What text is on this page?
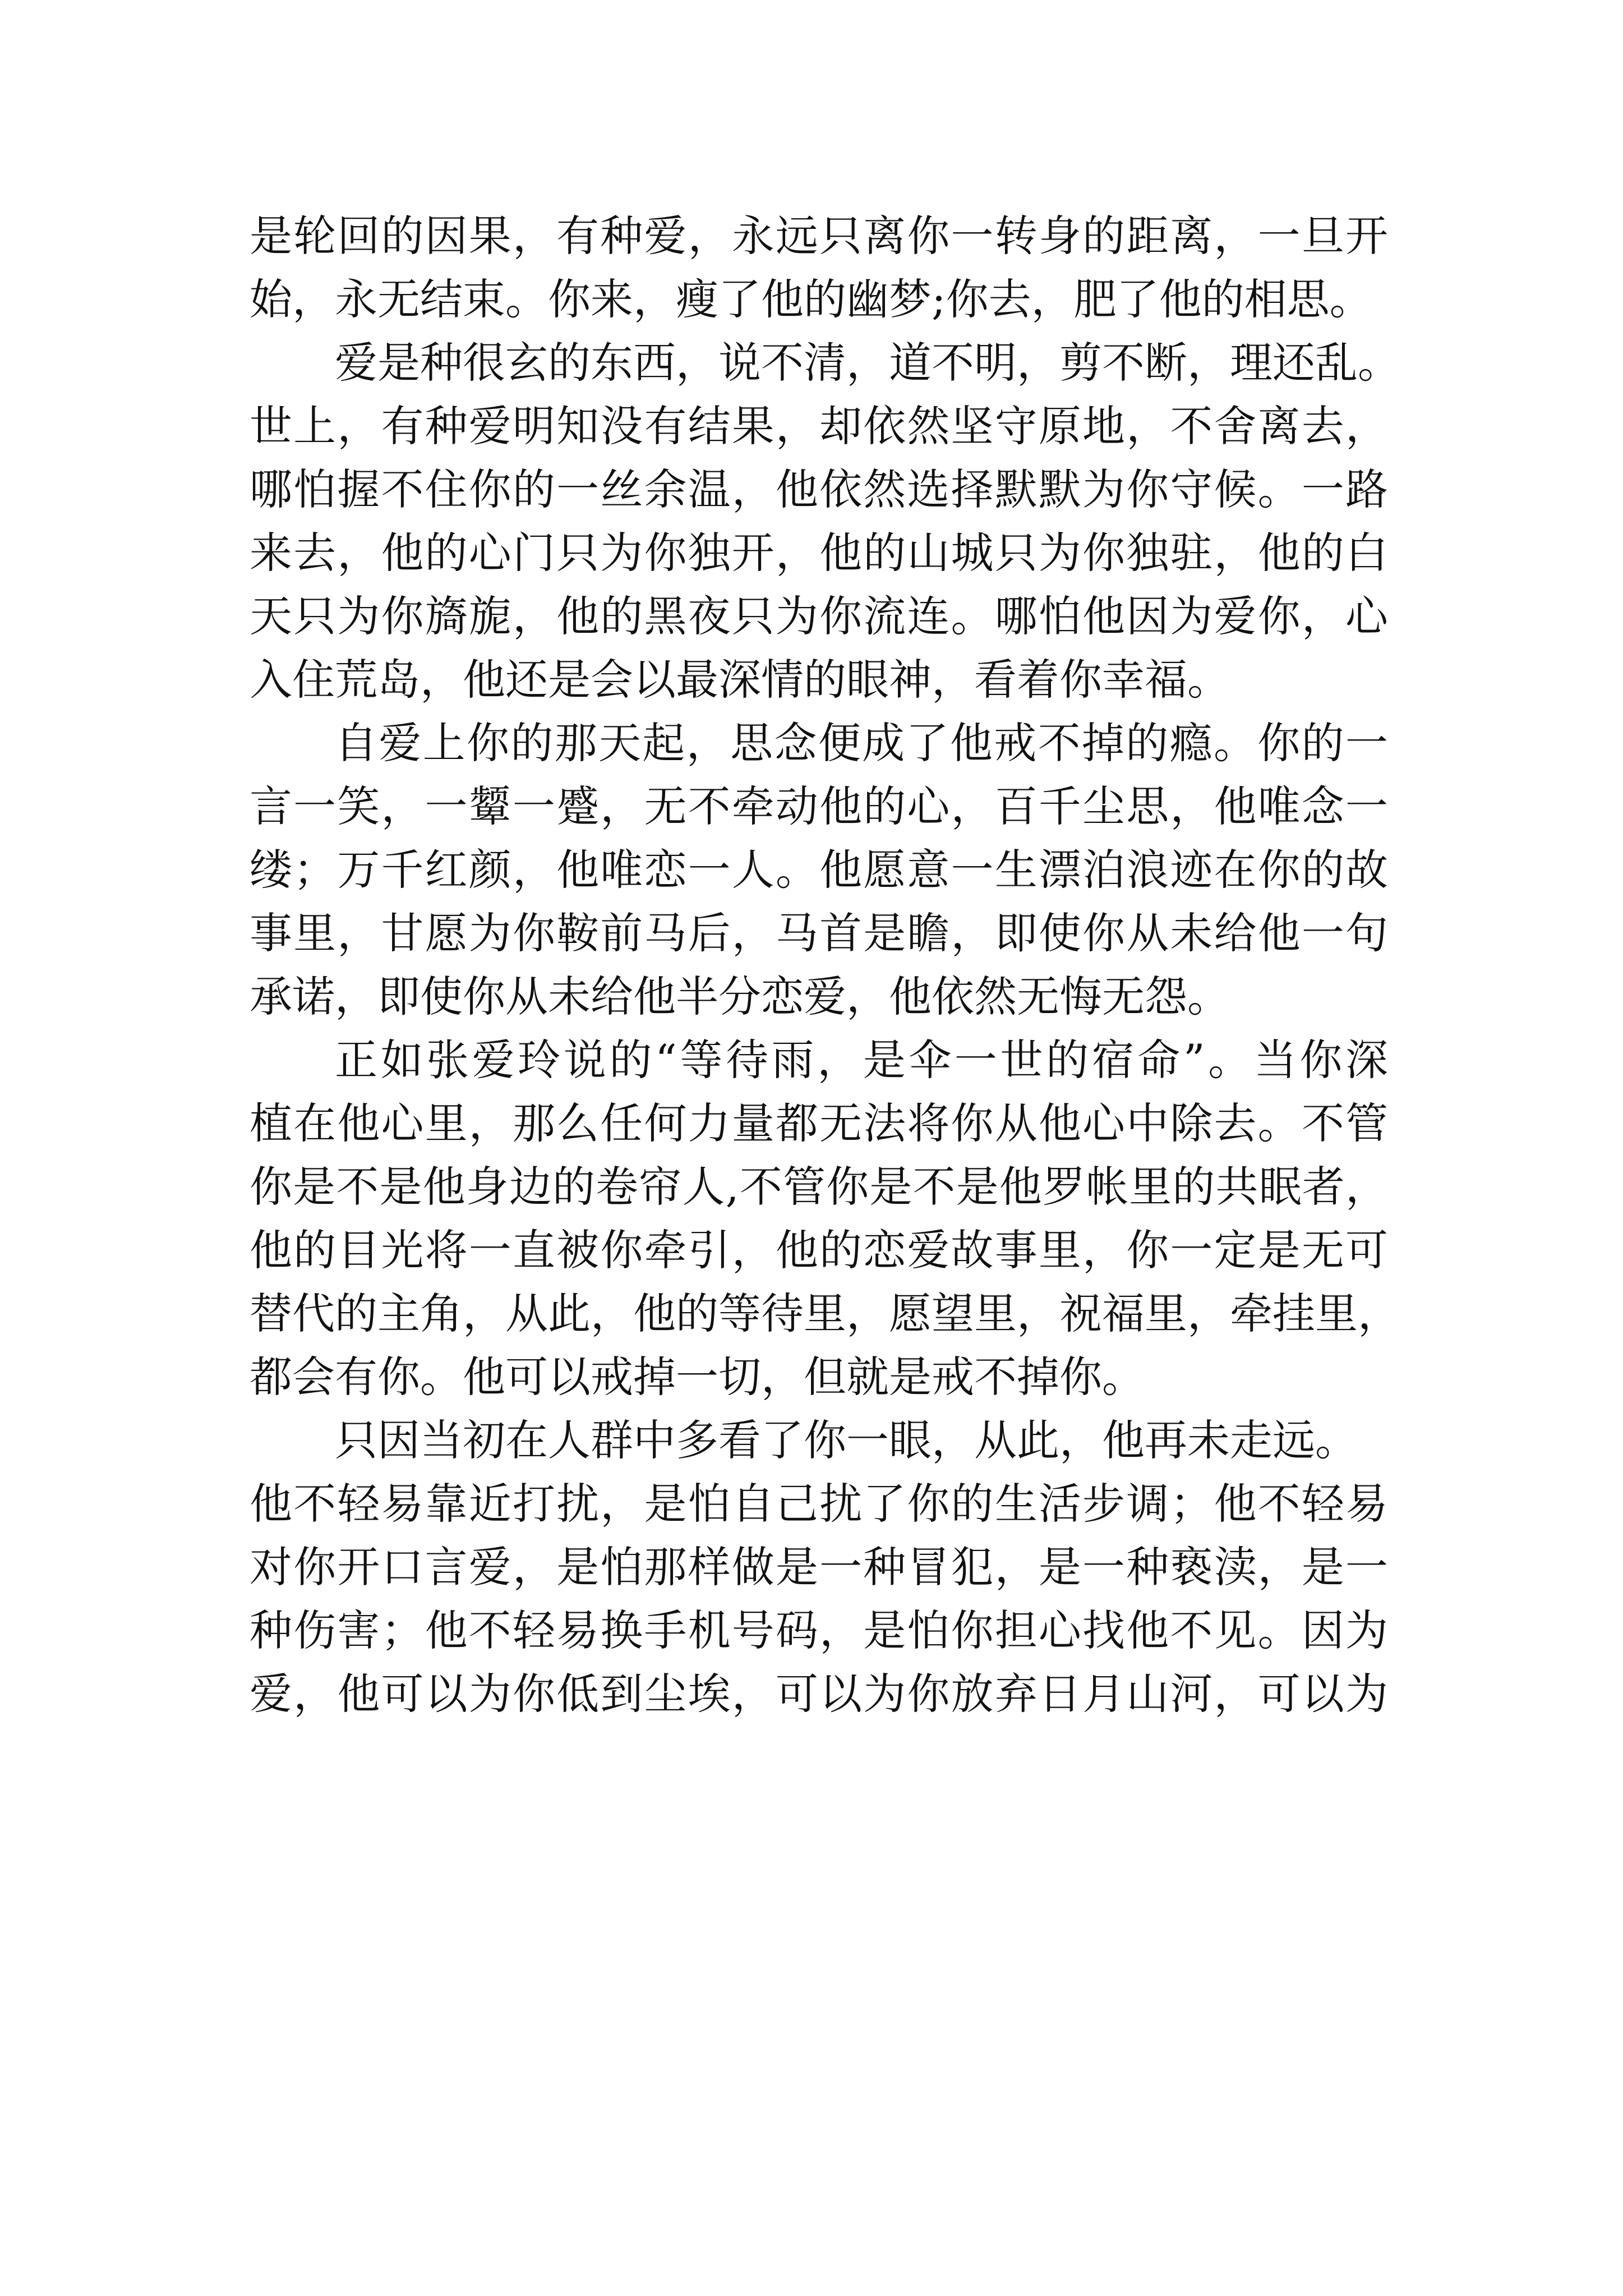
是轮回的因果，有种爱，永远只离你一转身的距离，一旦开
始，永无结束。你来，瘦了他的幽梦;你去，肥了他的相思。
爱是种很玄的东西，说不清，道不明，剪不断，理还乱。
世上，有种爱明知没有结果，却依然坚守原地，不舍离去，
哪怕握不住你的一丝余温，他依然选择默默为你守候。一路
来去，他的心门只为你独开，他的山城只为你独驻，他的白
天只为你旖旎，他的黑夜只为你流连。哪怕他因为爱你，心
入住荒岛，他还是会以最深情的眼神，看着你幸福。
自爱上你的那天起，思念便成了他戒不掉的瘾。你的一
言一笑，一颦一蹙，无不牵动他的心，百千尘思，他唯念一
缕；万千红颜，他唯恋一人。他愿意一生漂泊浪迹在你的故
事里，甘愿为你鞍前马后，马首是瞻，即使你从未给他一句
承诺，即使你从未给他半分恋爱，他依然无悔无怨。
正如张爱玲说的“等待雨，是伞一世的宿命”。当你深
植在他心里，那么任何力量都无法将你从他心中除去。不管
你是不是他身边的卷帘人,不管你是不是他罗帐里的共眠者，
他的目光将一直被你牵引，他的恋爱故事里，你一定是无可
替代的主角，从此，他的等待里，愿望里，祝福里，牵挂里，
都会有你。他可以戒掉一切，但就是戒不掉你。
只因当初在人群中多看了你一眼，从此，他再未走远。
他不轻易靠近打扰，是怕自己扰了你的生活步调；他不轻易
对你开口言爱，是怕那样做是一种冒犯，是一种亵渎，是一
种伤害；他不轻易换手机号码，是怕你担心找他不见。因为
爱，他可以为你低到尘埃，可以为你放弃日月山河，可以为
